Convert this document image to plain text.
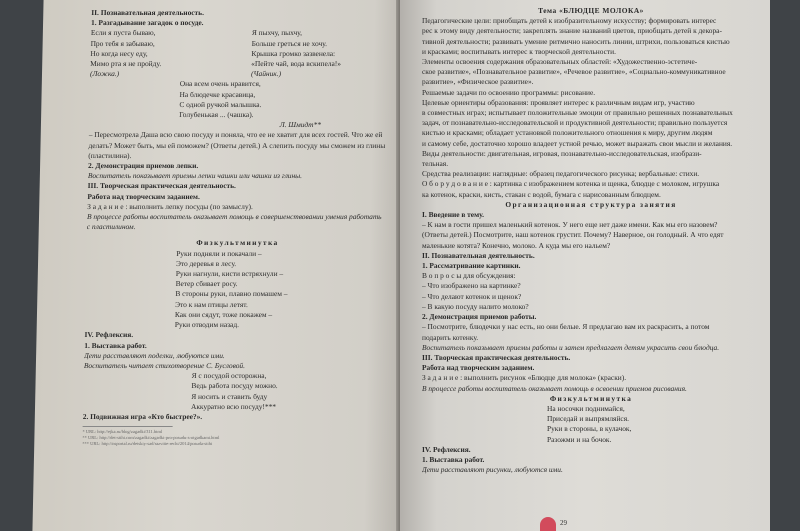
II. Познавательная деятельность.
1. Разгадывание загадок о посуде.
Если я пуста бываю,	Я пыхчу, пыхчу,
Про тебя я забываю,	Больше греться не хочу.
Но когда несу еду,	Крышка громко зазвенела:
Мимо рта я не пройду.	«Пейте чай, вода вскипела!»
(Ложка.)	(Чайник.)
Она всем очень нравится,
На блюдечке красавица,
С одной ручкой малышка.
Голубенькая ... (чашка).
Л. Шмидт**
– Пересмотрела Даша всю свою посуду и поняла, что ее не хватит для всех гостей. Что же ей
делать? Может быть, мы ей поможем? (Ответы детей.) А слепить посуду мы сможем из глины
(пластилина).
2. Демонстрация приемов лепки.
Воспитатель показывает приемы лепки чашки или чашки из глины.
III. Творческая практическая деятельность.
Работа над творческим заданием.
З а д а н и е : выполнить лепку посуды (по замыслу).
В процессе работы воспитатель оказывает помощь в совершенствовании умения работать
с пластилином.
Физкультминутка
Руки подняли и покачали –
Это деревья в лесу.
Руки нагнули, кисти встряхнули –
Ветер сбивает росу.
В стороны руки, плавно помашем –
Это к нам птицы летят.
Как они сядут, тоже покажем –
Руки отводим назад.
IV. Рефлексия.
1. Выставка работ.
Дети расставляют поделки, любуются ими.
Воспитатель читает стихотворение С. Бусловой.
Я с посудой осторожна,
Ведь работа посуду можно.
Я носить и ставить буду
Аккуратно всю посуду!***
2. Подвижная игра «Кто быстрее?».
* URL: http://ejka.ru/blog/zagadki/311.html
** URL: http://det-stihi.com/zagadki/zagadki-pro-posudu-s-otgadkami.html
*** URL: http://nsportal.ru/detskiy-sad/razvitie-rechi/2014/posuda-stihi
Тема «БЛЮДЦЕ МОЛОКА»
Педагогические цели: приобщать детей к изобразительному искусству; формировать интерес
рес к этому виду деятельности; закреплять знание названий цветов, приобщать детей к декора-
тивной деятельности; развивать умение ритмично наносить линии, штрихи, пользоваться кистью
и красками; воспитывать интерес к творческой деятельности.
Элементы освоения содержания образовательных областей: «Художественно-эстетиче-
ское развитие», «Познавательное развитие», «Речевое развитие», «Социально-коммуникативное
развитие», «Физическое развитие».
Решаемые задачи по освоению программы: рисование.
Целевые ориентиры образования: проявляет интерес к различным видам игр, участию
в совместных играх; испытывает положительные эмоции от правильно решенных познавательных
задач, от познавательно-исследовательской и продуктивной деятельности; правильно пользуется
кистью и красками; обладает установкой положительного отношения к миру, другим людям
и самому себе, достаточно хорошо владеет устной речью, может выражать свои мысли и желания.
Виды деятельности: двигательная, игровая, познавательно-исследовательская, изобрази-
тельная.
Средства реализации: наглядные: образец педагогического рисунка; вербальные: стихи.
О б о р у д о в а н и е : картинка с изображением котенка и щенка, блюдце с молоком, игрушка
ка котенок, краски, кисть, стакан с водой, бумага с нарисованным блюдцем.
Организационная структура занятия
I. Введение в тему.
– К нам в гости пришел маленький котенок. У него еще нет даже имени. Как мы его назовем?
(Ответы детей.) Посмотрите, наш котенок грустит. Почему? Наверное, он голодный. А что едят
маленькие котята? Конечно, молоко. А куда мы его нальем?
II. Познавательная деятельность.
1. Рассматривание картинки.
В о п р о с ы для обсуждения:
– Что изображено на картинке?
– Что делают котенок и щенок?
– В какую посуду налито молоко?
2. Демонстрация приемов работы.
– Посмотрите, блюдечки у нас есть, но они белые. Я предлагаю вам их раскрасить, а потом
подарить котенку.
Воспитатель показывает приемы работы и затем предлагает детям украсить свои блюдца.
III. Творческая практическая деятельность.
Работа над творческим заданием.
З а д а н и е : выполнить рисунок «Блюдце для молока» (краски).
В процессе работы воспитатель оказывает помощь в освоении приемов рисования.
Физкультминутка
На носочки поднимайся,
Приседай и выпрямляйся.
Руки в стороны, в кулачок,
Разожми и на бочок.
IV. Рефлексия.
1. Выставка работ.
Дети расставляют рисунки, любуются ими.
29
